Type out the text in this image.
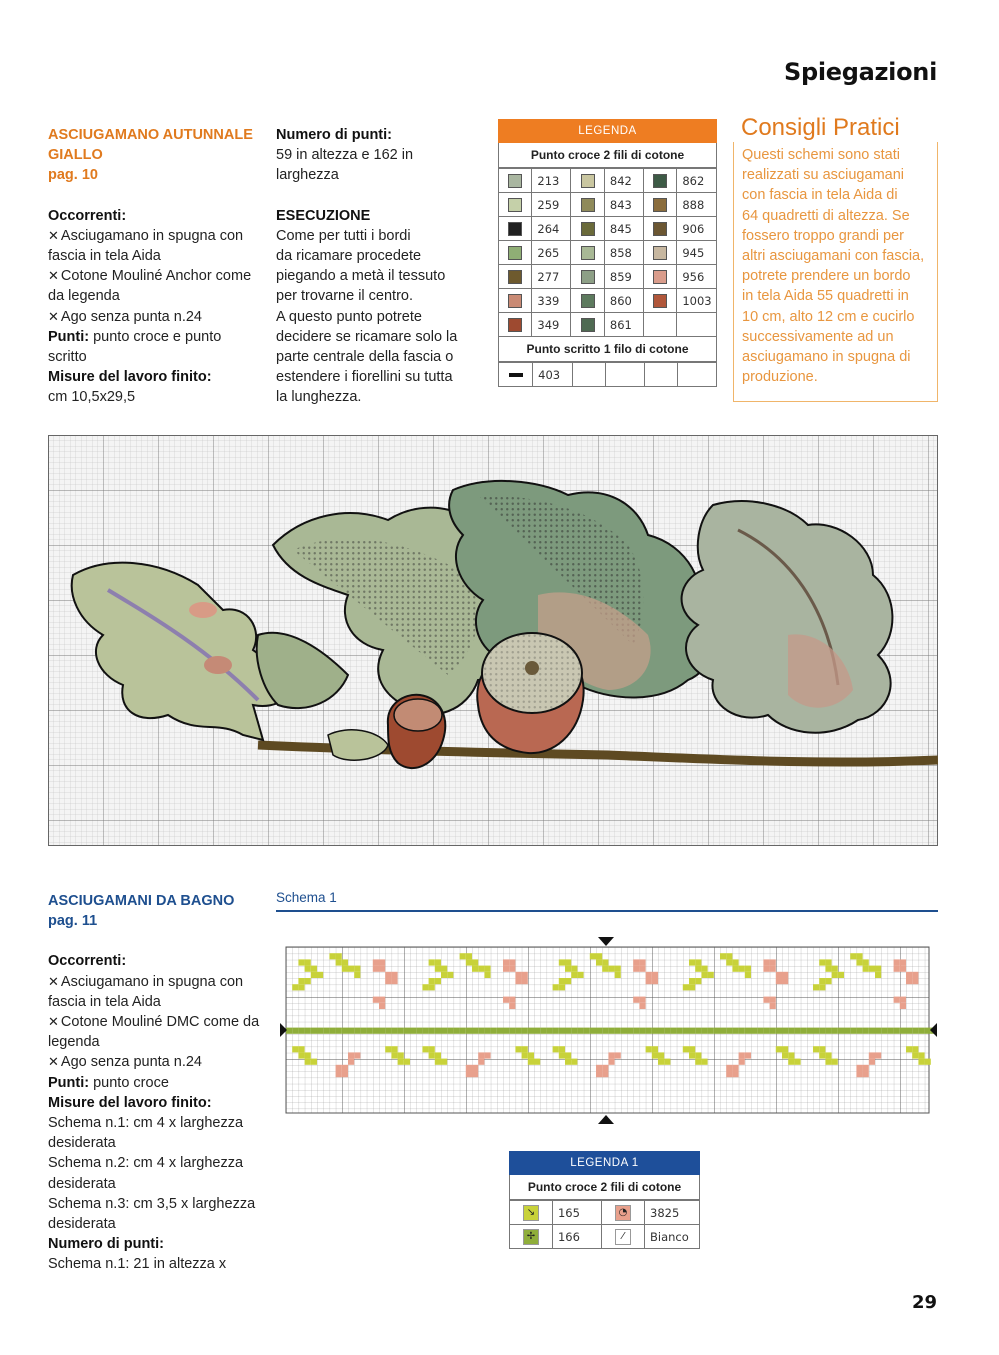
Spiegazioni
ASCIUGAMANO AUTUNNALE
GIALLO
pag. 10
Occorrenti:
✕ Asciugamano in spugna con
fascia in tela Aida
✕ Cotone Mouliné Anchor come
da legenda
✕ Ago senza punta n.24
Punti: punto croce e punto
scritto
Misure del lavoro finito:
cm 10,5x29,5
Numero di punti:
59 in altezza e 162 in
larghezza
ESECUZIONE
Come per tutti i bordi
da ricamare procedete
piegando a metà il tessuto
per trovarne il centro.
A questo punto potrete
decidere se ricamare solo la
parte centrale della fascia o
estendere i fiorellini su tutta
la lunghezza.
LEGENDA
Punto croce 2 fili di cotone
	213		842		862
	259		843		888
	264		845		906
	265		858		945
	277		859		956
	339		860		1003
	349		861		
Punto scritto 1 filo di cotone
	403				
Consigli Pratici
Questi schemi sono stati
realizzati su asciugamani
con fascia in tela Aida di
64 quadretti di altezza. Se
fossero troppo grandi per
altri asciugamani con fascia,
potrete prendere un bordo
in tela Aida 55 quadretti in
10 cm, alto 12 cm e cucirlo
successivamente ad un
asciugamano in spugna di
produzione.
ASCIUGAMANI DA BAGNO
pag. 11
Occorrenti:
✕ Asciugamano in spugna con
fascia in tela Aida
✕ Cotone Mouliné DMC come da
legenda
✕ Ago senza punta n.24
Punti: punto croce
Misure del lavoro finito:
Schema n.1: cm 4 x larghezza
desiderata
Schema n.2: cm 4 x larghezza
desiderata
Schema n.3: cm 3,5 x larghezza
desiderata
Numero di punti:
Schema n.1: 21 in altezza x
Schema 1
LEGENDA 1
Punto croce 2 fili di cotone
↘	165	◔	3825
✢	166	⁄	Bianco
29
